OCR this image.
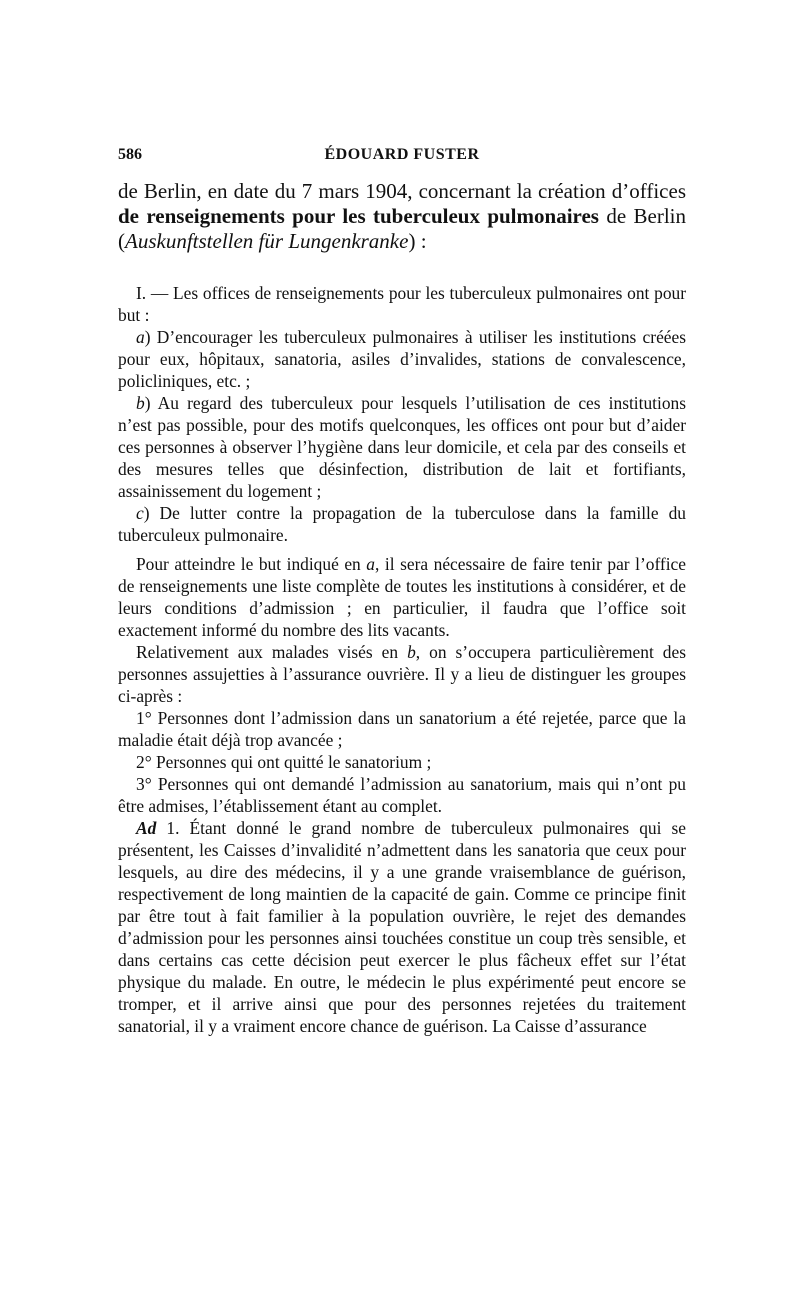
586	ÉDOUARD FUSTER

de Berlin, en date du 7 mars 1904, concernant la création d’offices de renseignements pour les tuberculeux pulmonaires de Berlin (Auskunftstellen für Lungenkranke) :

I. — Les offices de renseignements pour les tuberculeux pulmonaires ont pour but :

a) D’encourager les tuberculeux pulmonaires à utiliser les institutions créées pour eux, hôpitaux, sanatoria, asiles d’invalides, stations de convalescence, policliniques, etc. ;

b) Au regard des tuberculeux pour lesquels l’utilisation de ces institutions n’est pas possible, pour des motifs quelconques, les offices ont pour but d’aider ces personnes à observer l’hygiène dans leur domicile, et cela par des conseils et des mesures telles que désinfection, distribution de lait et fortifiants, assainissement du logement ;

c) De lutter contre la propagation de la tuberculose dans la famille du tuberculeux pulmonaire.

Pour atteindre le but indiqué en a, il sera nécessaire de faire tenir par l’office de renseignements une liste complète de toutes les institutions à considérer, et de leurs conditions d’admission ; en particulier, il faudra que l’office soit exactement informé du nombre des lits vacants.

Relativement aux malades visés en b, on s’occupera particulièrement des personnes assujetties à l’assurance ouvrière. Il y a lieu de distinguer les groupes ci-après :

1° Personnes dont l’admission dans un sanatorium a été rejetée, parce que la maladie était déjà trop avancée ;

2° Personnes qui ont quitté le sanatorium ;

3° Personnes qui ont demandé l’admission au sanatorium, mais qui n’ont pu être admises, l’établissement étant au complet.

Ad 1. Étant donné le grand nombre de tuberculeux pulmonaires qui se présentent, les Caisses d’invalidité n’admettent dans les sanatoria que ceux pour lesquels, au dire des médecins, il y a une grande vraisemblance de guérison, respectivement de long maintien de la capacité de gain. Comme ce principe finit par être tout à fait familier à la population ouvrière, le rejet des demandes d’admission pour les personnes ainsi touchées constitue un coup très sensible, et dans certains cas cette décision peut exercer le plus fâcheux effet sur l’état physique du malade. En outre, le médecin le plus expérimenté peut encore se tromper, et il arrive ainsi que pour des personnes rejetées du traitement sanatorial, il y a vraiment encore chance de guérison. La Caisse d’assurance
